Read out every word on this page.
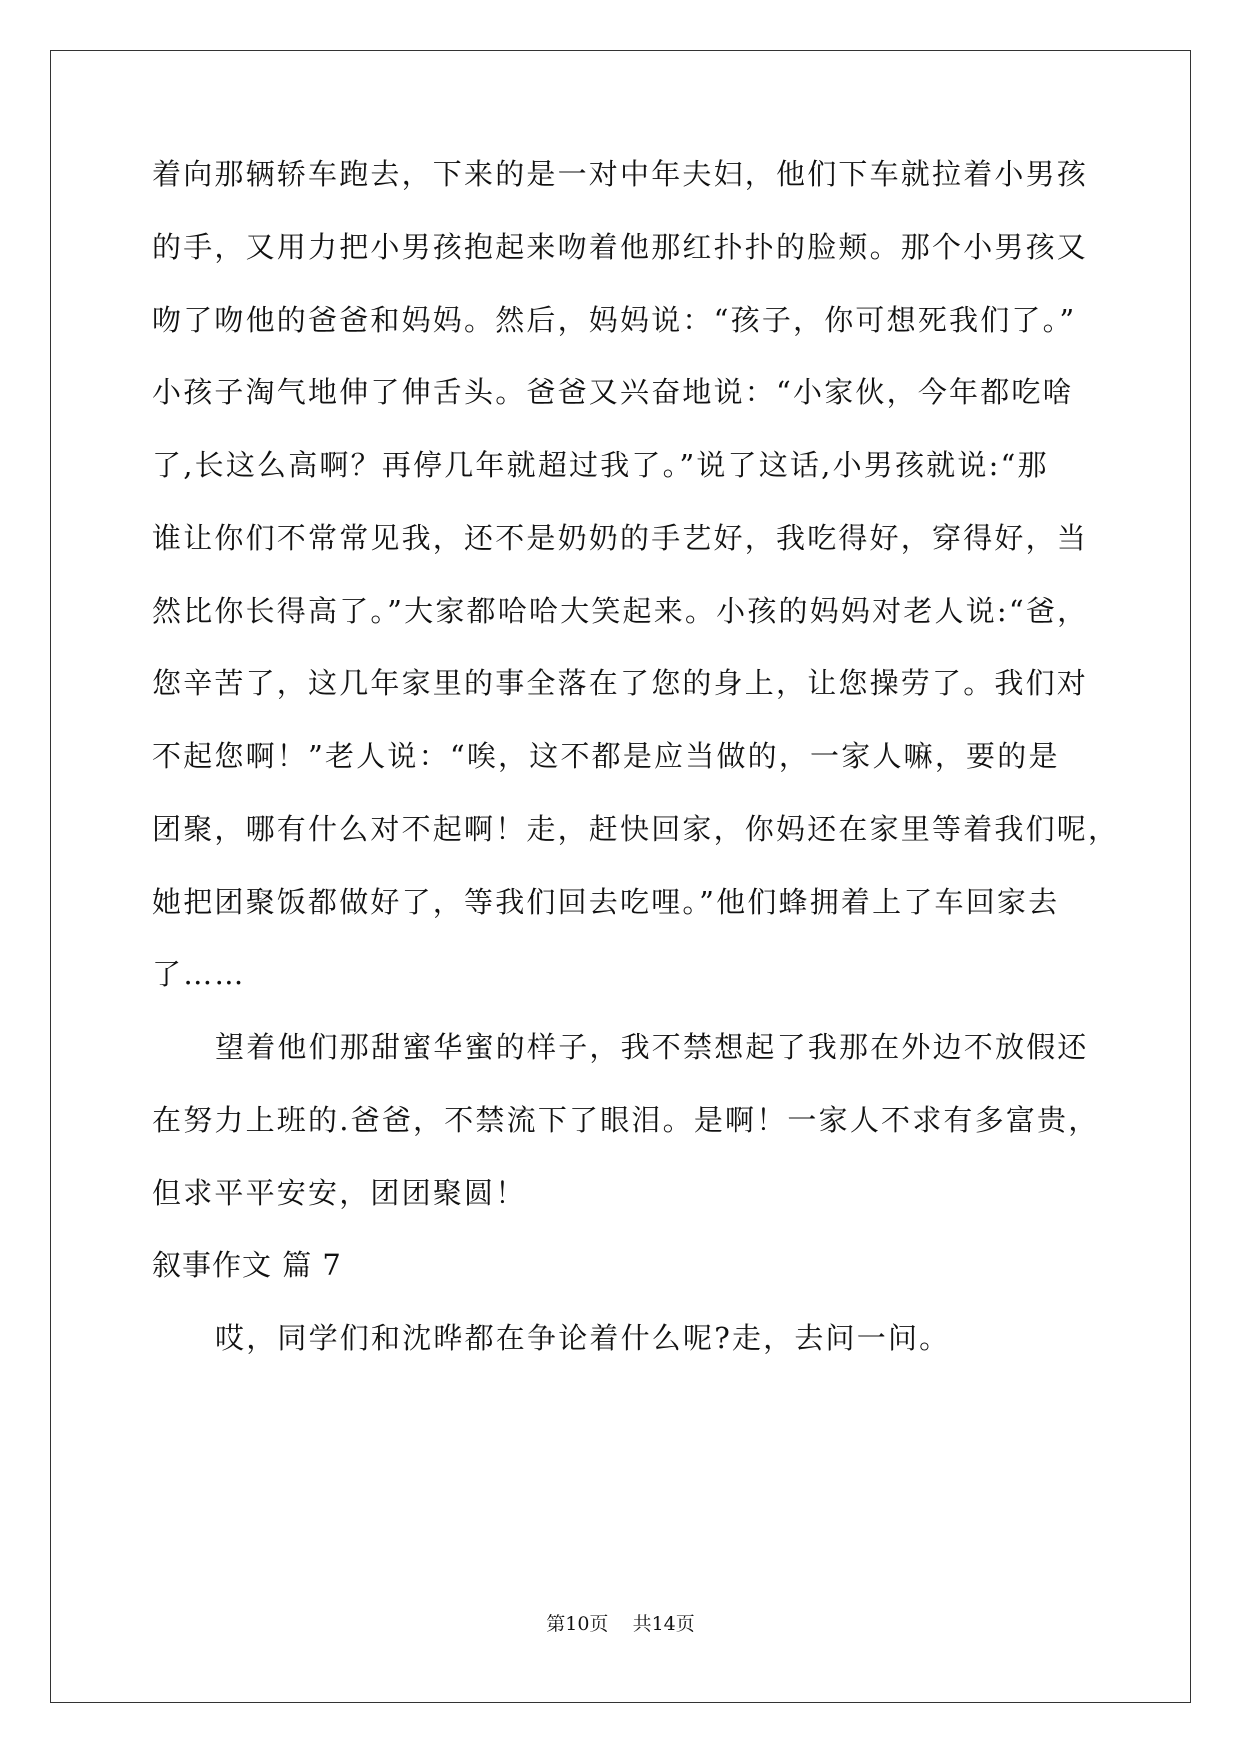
着向那辆轿车跑去，下来的是一对中年夫妇，他们下车就拉着小男孩
的手，又用力把小男孩抱起来吻着他那红扑扑的脸颊。那个小男孩又
吻了吻他的爸爸和妈妈。然后，妈妈说：“孩子，你可想死我们了。”
小孩子淘气地伸了伸舌头。爸爸又兴奋地说：“小家伙，今年都吃啥
了,长这么高啊？再停几年就超过我了。”说了这话,小男孩就说:“那
谁让你们不常常见我，还不是奶奶的手艺好，我吃得好，穿得好，当
然比你长得高了。”大家都哈哈大笑起来。小孩的妈妈对老人说:“爸，
您辛苦了，这几年家里的事全落在了您的身上，让您操劳了。我们对
不起您啊！”老人说：“唉，这不都是应当做的，一家人嘛，要的是
团聚，哪有什么对不起啊！走，赶快回家，你妈还在家里等着我们呢，
她把团聚饭都做好了，等我们回去吃哩。”他们蜂拥着上了车回家去
了……
望着他们那甜蜜华蜜的样子，我不禁想起了我那在外边不放假还
在努力上班的.爸爸，不禁流下了眼泪。是啊！一家人不求有多富贵，
但求平平安安，团团聚圆！
叙事作文 篇 7
哎，同学们和沈晔都在争论着什么呢?走，去问一问。
第10页    共14页
